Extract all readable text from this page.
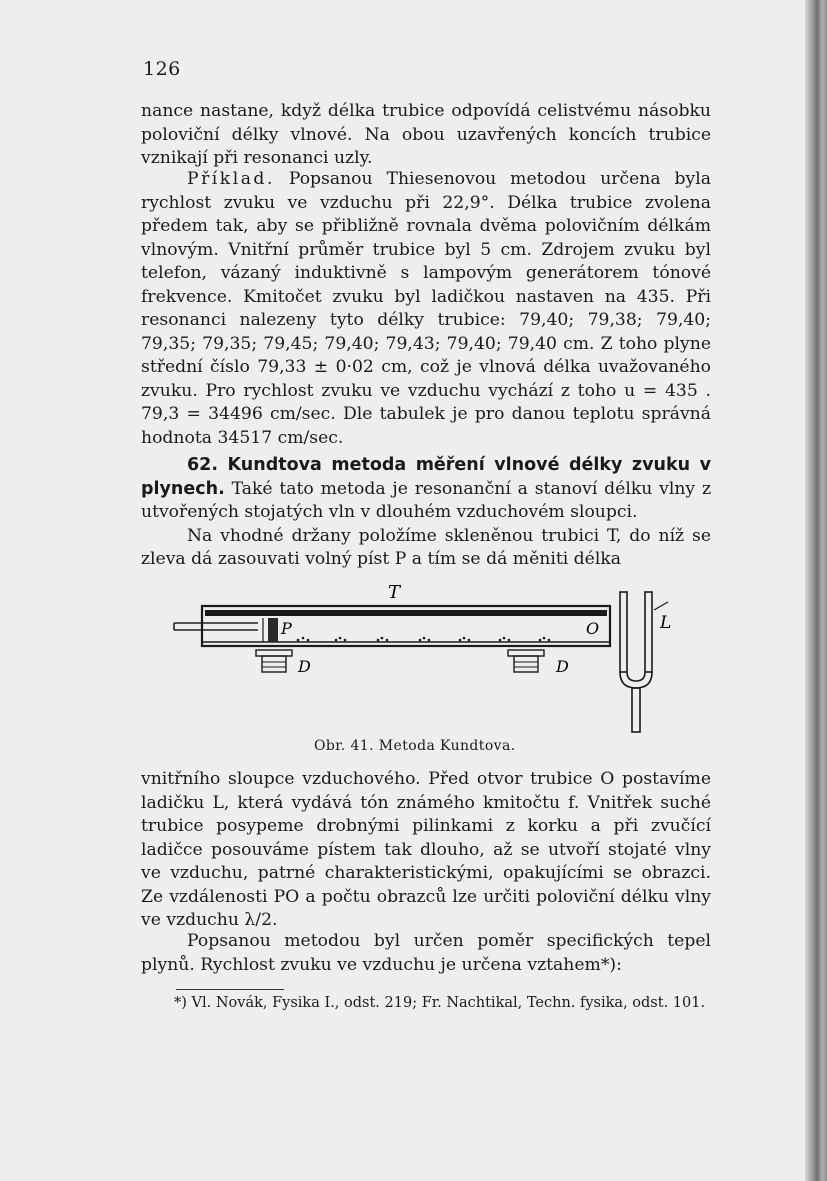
126

nance nastane, když délka trubice odpovídá celistvému násobku poloviční délky vlnové. Na obou uzavřených koncích trubice vznikají při resonanci uzly.

Příklad. Popsanou Thiesenovou metodou určena byla rychlost zvuku ve vzduchu při 22,9°. Délka trubice zvolena předem tak, aby se přibližně rovnala dvěma polovičním délkám vlnovým. Vnitřní průměr trubice byl 5 cm. Zdrojem zvuku byl telefon, vázaný induktivně s lampovým generátorem tónové frekvence. Kmitočet zvuku byl ladičkou nastaven na 435. Při resonanci nalezeny tyto délky trubice: 79,40; 79,38; 79,40; 79,35; 79,35; 79,45; 79,40; 79,43; 79,40; 79,40 cm. Z toho plyne střední číslo 79,33 ± 0·02 cm, což je vlnová délka uvažovaného zvuku. Pro rychlost zvuku ve vzduchu vychází z toho u = 435 . 79,3 = 34496 cm/sec. Dle tabulek je pro danou teplotu správná hodnota 34517 cm/sec.

62. Kundtova metoda měření vlnové délky zvuku v plynech. Také tato metoda je resonanční a stanoví délku vlny z utvořených stojatých vln v dlouhém vzduchovém sloupci.

Na vhodné držany položíme skleněnou trubici T, do níž se zleva dá zasouvati volný píst P a tím se dá měniti délka

T
P	O
D	D
L
Obr. 41. Metoda Kundtova.

vnitřního sloupce vzduchového. Před otvor trubice O postavíme ladičku L, která vydává tón známého kmitočtu f. Vnitřek suché trubice posypeme drobnými pilinkami z korku a při zvučící ladičce posouváme pístem tak dlouho, až se utvoří stojaté vlny ve vzduchu, patrné charakteristickými, opakujícími se obrazci. Ze vzdálenosti PO a počtu obrazců lze určiti poloviční délku vlny ve vzduchu λ/2.

Popsanou metodou byl určen poměr specifických tepel plynů. Rychlost zvuku ve vzduchu je určena vztahem*):

*) Vl. Novák, Fysika I., odst. 219; Fr. Nachtikal, Techn. fysika, odst. 101.
